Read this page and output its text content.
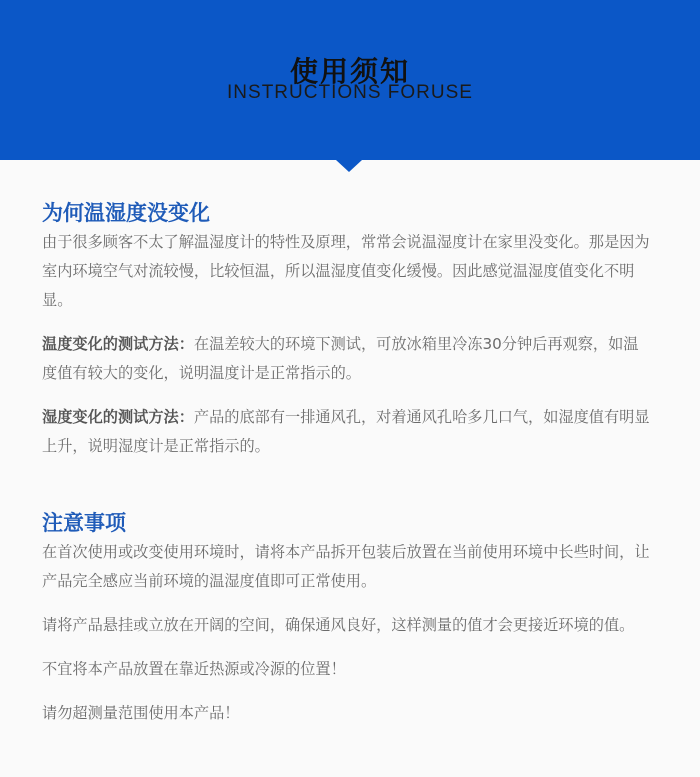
使用须知
INSTRUCTIONS FORUSE
为何温湿度没变化

由于很多顾客不太了解温湿度计的特性及原理，常常会说温湿度计在家里没变化。那是因为室内环境空气对流较慢，比较恒温，所以温湿度值变化缓慢。因此感觉温湿度值变化不明显。

温度变化的测试方法：在温差较大的环境下测试，可放冰箱里冷冻30分钟后再观察，如温度值有较大的变化，说明温度计是正常指示的。

湿度变化的测试方法：产品的底部有一排通风孔，对着通风孔哈多几口气，如湿度值有明显上升，说明湿度计是正常指示的。

注意事项

在首次使用或改变使用环境时，请将本产品拆开包装后放置在当前使用环境中长些时间，让产品完全感应当前环境的温湿度值即可正常使用。

请将产品悬挂或立放在开阔的空间，确保通风良好，这样测量的值才会更接近环境的值。

不宜将本产品放置在靠近热源或冷源的位置！

请勿超测量范围使用本产品！
